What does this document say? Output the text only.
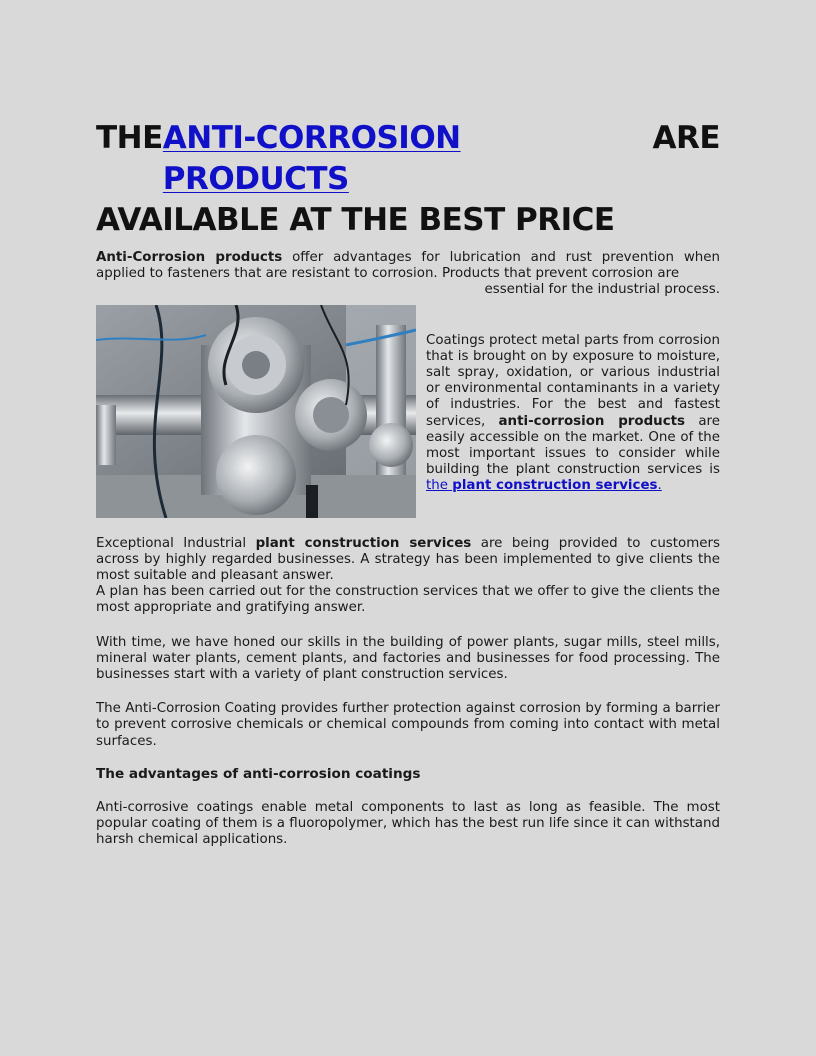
THE ANTI-CORROSION PRODUCTS
ARE
AVAILABLE AT THE BEST PRICE

Anti-Corrosion products offer advantages for lubrication and rust prevention when applied to fasteners that are resistant to corrosion. Products that prevent corrosion are

essential for the industrial process.

Coatings protect metal parts from corrosion that is brought on by exposure to moisture, salt spray, oxidation, or various industrial or environmental contaminants in a variety of industries. For the best and fastest services, anti-corrosion products are easily accessible on the market. One of the most important issues to consider while building the plant construction services is the plant construction services.

Exceptional Industrial plant construction services are being provided to customers across by highly regarded businesses. A strategy has been implemented to give clients the most suitable and pleasant answer.

A plan has been carried out for the construction services that we offer to give the clients the most appropriate and gratifying answer.

With time, we have honed our skills in the building of power plants, sugar mills, steel mills, mineral water plants, cement plants, and factories and businesses for food processing. The businesses start with a variety of plant construction services.

The Anti-Corrosion Coating provides further protection against corrosion by forming a barrier to prevent corrosive chemicals or chemical compounds from coming into contact with metal surfaces.

The advantages of anti-corrosion coatings

Anti-corrosive coatings enable metal components to last as long as feasible. The most popular coating of them is a fluoropolymer, which has the best run life since it can withstand harsh chemical applications.
